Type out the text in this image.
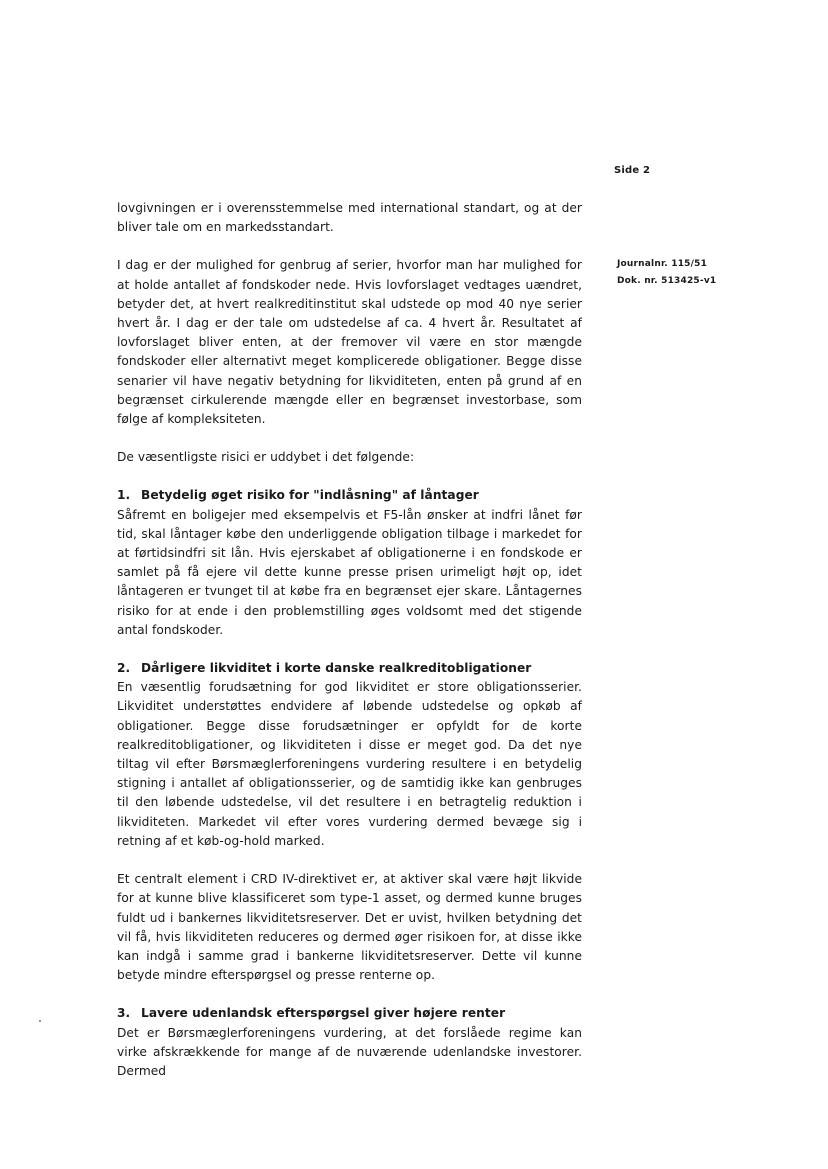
Side 2
Journalnr. 115/51
Dok. nr. 513425-v1

lovgivningen er i overensstemmelse med international standart, og at der bliver tale om en markedsstandart.

I dag er der mulighed for genbrug af serier, hvorfor man har mulighed for at holde antallet af fondskoder nede. Hvis lovforslaget vedtages uændret, betyder det, at hvert realkreditinstitut skal udstede op mod 40 nye serier hvert år. I dag er der tale om udstedelse af ca. 4 hvert år. Resultatet af lovforslaget bliver enten, at der fremover vil være en stor mængde fondskoder eller alternativt meget komplicerede obligationer. Begge disse senarier vil have negativ betydning for likviditeten, enten på grund af en begrænset cirkulerende mængde eller en begrænset investorbase, som følge af kompleksiteten.

De væsentligste risici er uddybet i det følgende:

1. Betydelig øget risiko for "indlåsning" af låntager

Såfremt en boligejer med eksempelvis et F5-lån ønsker at indfri lånet før tid, skal låntager købe den underliggende obligation tilbage i markedet for at førtidsindfri sit lån. Hvis ejerskabet af obligationerne i en fondskode er samlet på få ejere vil dette kunne presse prisen urimeligt højt op, idet låntageren er tvunget til at købe fra en begrænset ejer skare. Låntagernes risiko for at ende i den problemstilling øges voldsomt med det stigende antal fondskoder.

2. Dårligere likviditet i korte danske realkreditobligationer

En væsentlig forudsætning for god likviditet er store obligationsserier. Likviditet understøttes endvidere af løbende udstedelse og opkøb af obligationer. Begge disse forudsætninger er opfyldt for de korte realkreditobligationer, og likviditeten i disse er meget god. Da det nye tiltag vil efter Børsmæglerforeningens vurdering resultere i en betydelig stigning i antallet af obligationsserier, og de samtidig ikke kan genbruges til den løbende udstedelse, vil det resultere i en betragtelig reduktion i likviditeten. Markedet vil efter vores vurdering dermed bevæge sig i retning af et køb-og-hold marked.

Et centralt element i CRD IV-direktivet er, at aktiver skal være højt likvide for at kunne blive klassificeret som type-1 asset, og dermed kunne bruges fuldt ud i bankernes likviditetsreserver. Det er uvist, hvilken betydning det vil få, hvis likviditeten reduceres og dermed øger risikoen for, at disse ikke kan indgå i samme grad i bankerne likviditetsreserver. Dette vil kunne betyde mindre efterspørgsel og presse renterne op.

3. Lavere udenlandsk efterspørgsel giver højere renter

Det er Børsmæglerforeningens vurdering, at det forslåede regime kan virke afskrækkende for mange af de nuværende udenlandske investorer. Dermed
